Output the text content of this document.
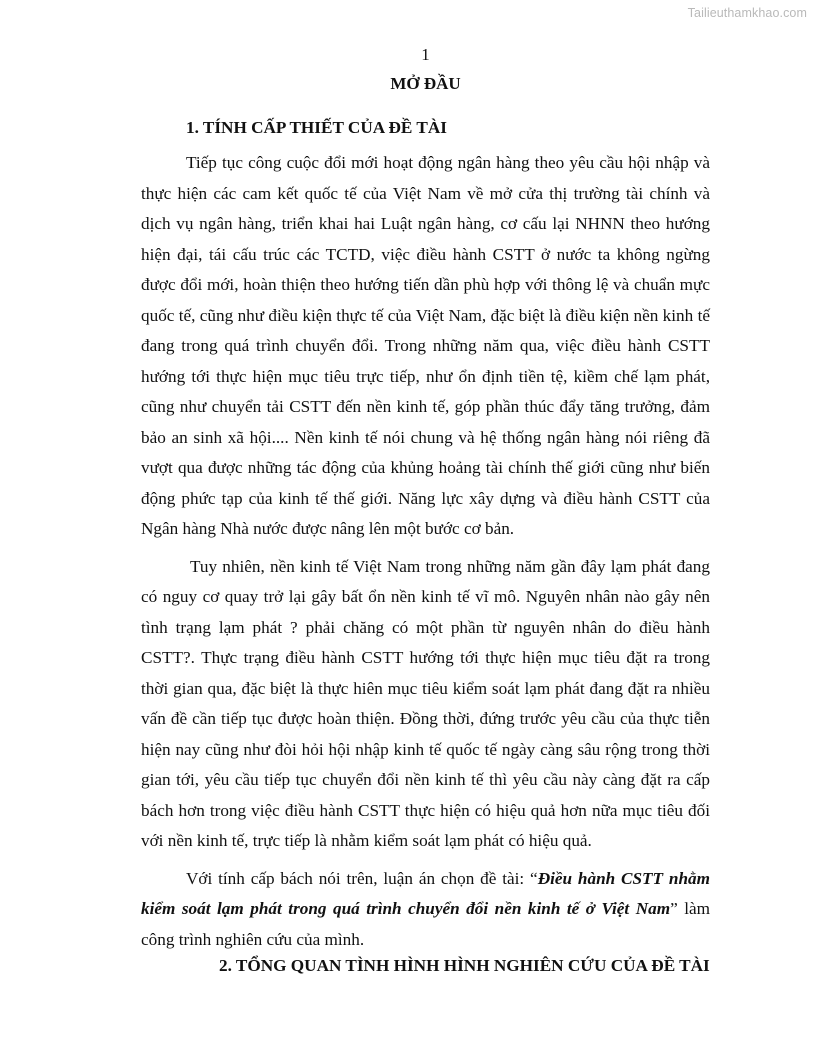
Tailieuthamkhao.com
1
MỞ ĐẦU
1. TÍNH CẤP THIẾT CỦA ĐỀ TÀI

Tiếp tục công cuộc đổi mới hoạt động ngân hàng theo yêu cầu hội nhập và thực hiện các cam kết quốc tế của Việt Nam về mở cửa thị trường tài chính và dịch vụ ngân hàng, triển khai hai Luật ngân hàng, cơ cấu lại NHNN theo hướng hiện đại, tái cấu trúc các TCTD, việc điều hành CSTT ở nước ta không ngừng được đổi mới, hoàn thiện theo hướng tiến dần phù hợp với thông lệ và chuẩn mực quốc tế, cũng như điều kiện thực tế của Việt Nam, đặc biệt là điều kiện nền kinh tế đang trong quá trình chuyển đổi. Trong những năm qua, việc điều hành CSTT hướng tới thực hiện mục tiêu trực tiếp, như ổn định tiền tệ, kiềm chế lạm phát, cũng như chuyển tải CSTT đến nền kinh tế, góp phần thúc đẩy tăng trưởng, đảm bảo an sinh xã hội.... Nền kinh tế nói chung và hệ thống ngân hàng nói riêng đã vượt qua được những tác động của khủng hoảng tài chính thế giới cũng như biến động phức tạp của kinh tế thế giới. Năng lực xây dựng và điều hành CSTT của Ngân hàng Nhà nước được nâng lên một bước cơ bản.

Tuy nhiên, nền kinh tế Việt Nam trong những năm gần đây lạm phát đang có nguy cơ quay trở lại gây bất ổn nền kinh tế vĩ mô. Nguyên nhân nào gây nên tình trạng lạm phát ? phải chăng có một phần từ nguyên nhân do điều hành CSTT?. Thực trạng điều hành CSTT hướng tới thực hiện mục tiêu đặt ra trong thời gian qua, đặc biệt là thực hiên mục tiêu kiểm soát lạm phát đang đặt ra nhiều vấn đề cần tiếp tục được hoàn thiện. Đồng thời, đứng trước yêu cầu của thực tiễn hiện nay cũng như đòi hỏi hội nhập kinh tế quốc tế ngày càng sâu rộng trong thời gian tới, yêu cầu tiếp tục chuyển đổi nền kinh tế thì yêu cầu này càng đặt ra cấp bách hơn trong việc điều hành CSTT thực hiện có hiệu quả hơn nữa mục tiêu đối với nền kinh tế, trực tiếp là nhằm kiểm soát lạm phát có hiệu quả.

Với tính cấp bách nói trên, luận án chọn đề tài: “Điều hành CSTT nhằm kiểm soát lạm phát trong quá trình chuyển đổi nền kinh tế ở Việt Nam” làm công trình nghiên cứu của mình.

2. TỔNG QUAN TÌNH HÌNH HÌNH NGHIÊN CỨU CỦA ĐỀ TÀI
